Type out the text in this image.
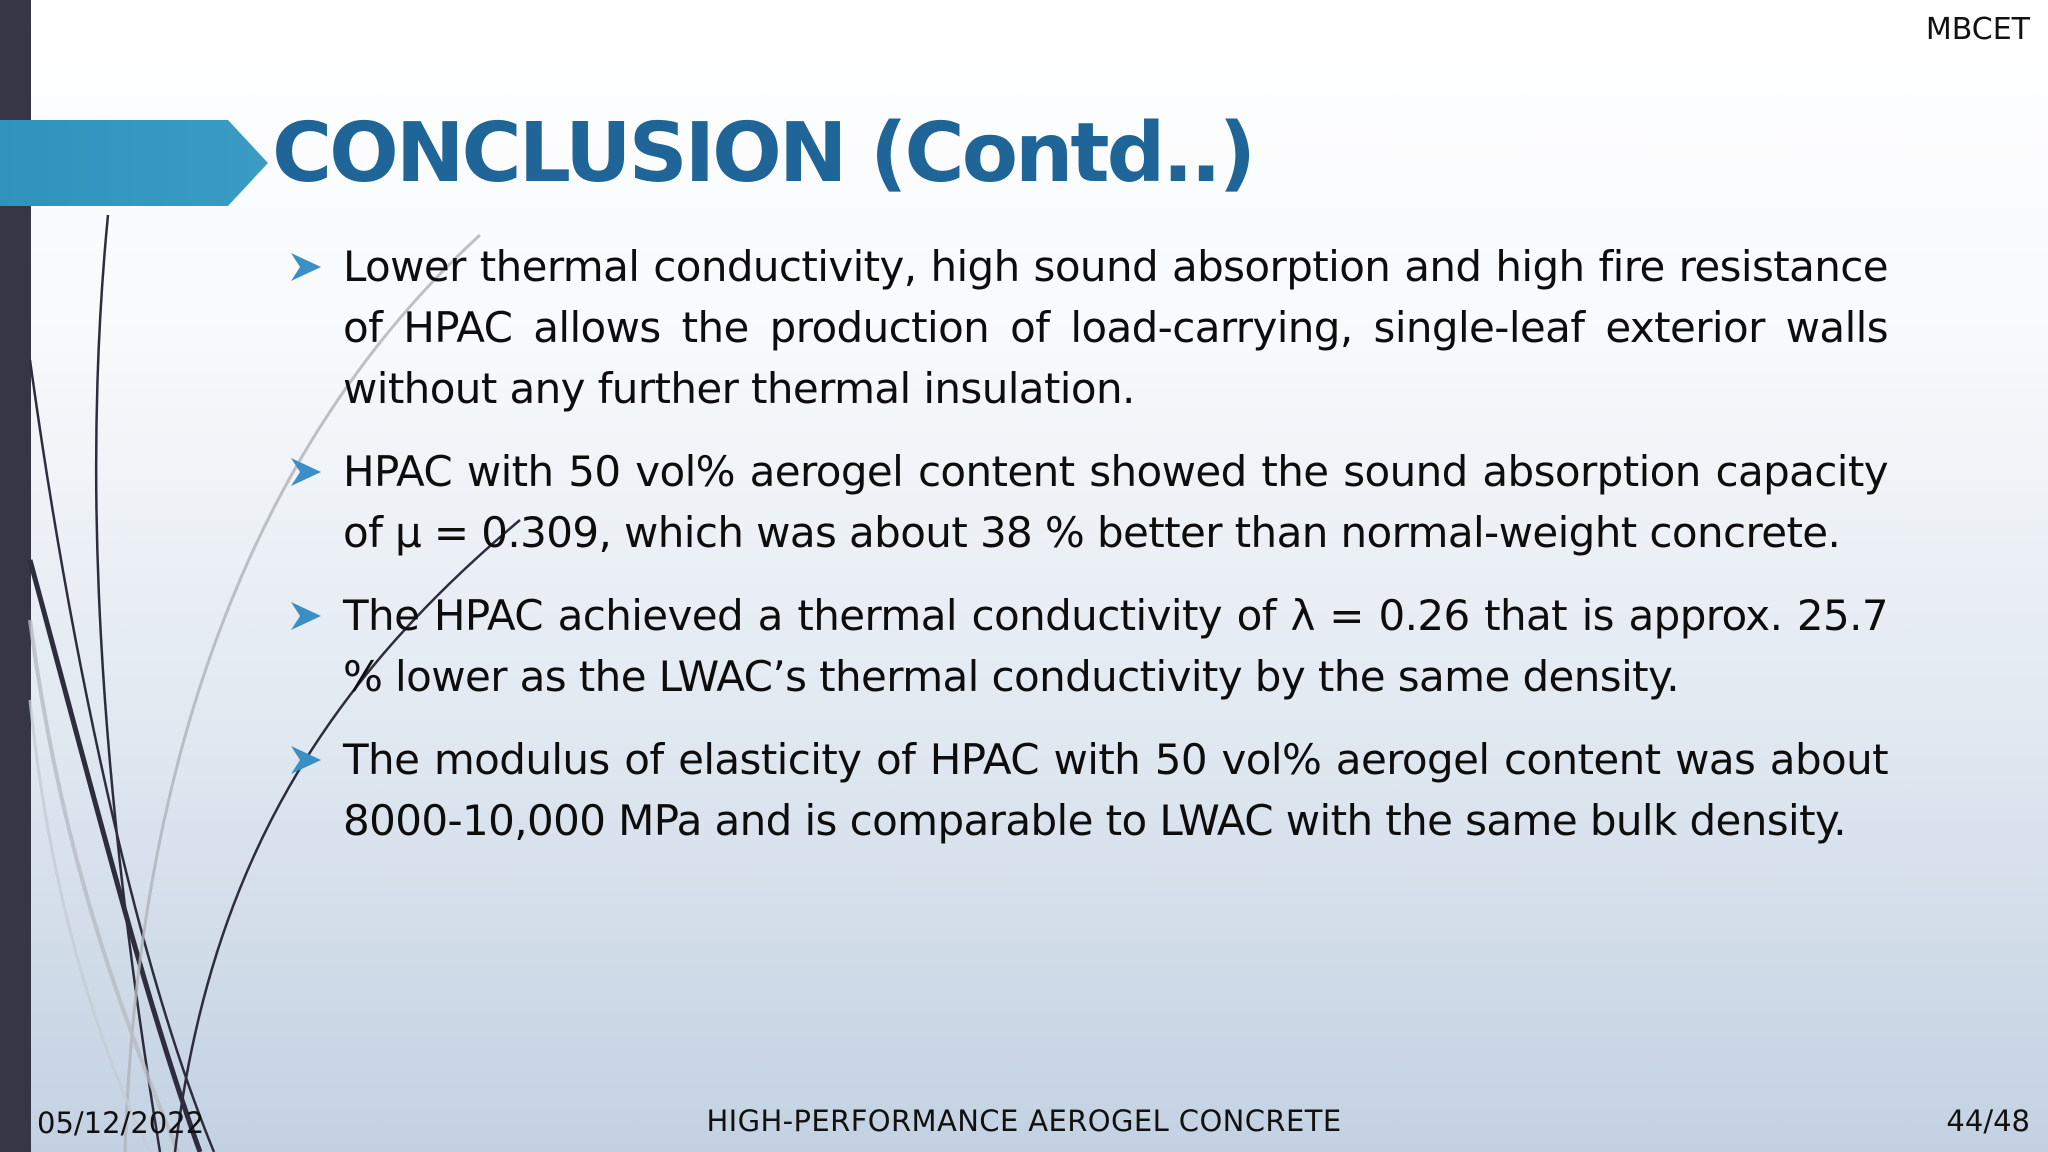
MBCET
CONCLUSION (Contd..)
Lower thermal conductivity, high sound absorption and high fire resistance of HPAC allows the production of load-carrying, single-leaf exterior walls without any further thermal insulation.
HPAC with 50 vol% aerogel content showed the sound absorption capacity of μ = 0.309, which was about 38 % better than normal-weight concrete.
The HPAC achieved a thermal conductivity of λ = 0.26 that is approx. 25.7 % lower as the LWAC’s thermal conductivity by the same density.
The modulus of elasticity of HPAC with 50 vol% aerogel content was about 8000-10,000 MPa and is comparable to LWAC with the same bulk density.
05/12/2022	HIGH-PERFORMANCE AEROGEL CONCRETE	44/48
